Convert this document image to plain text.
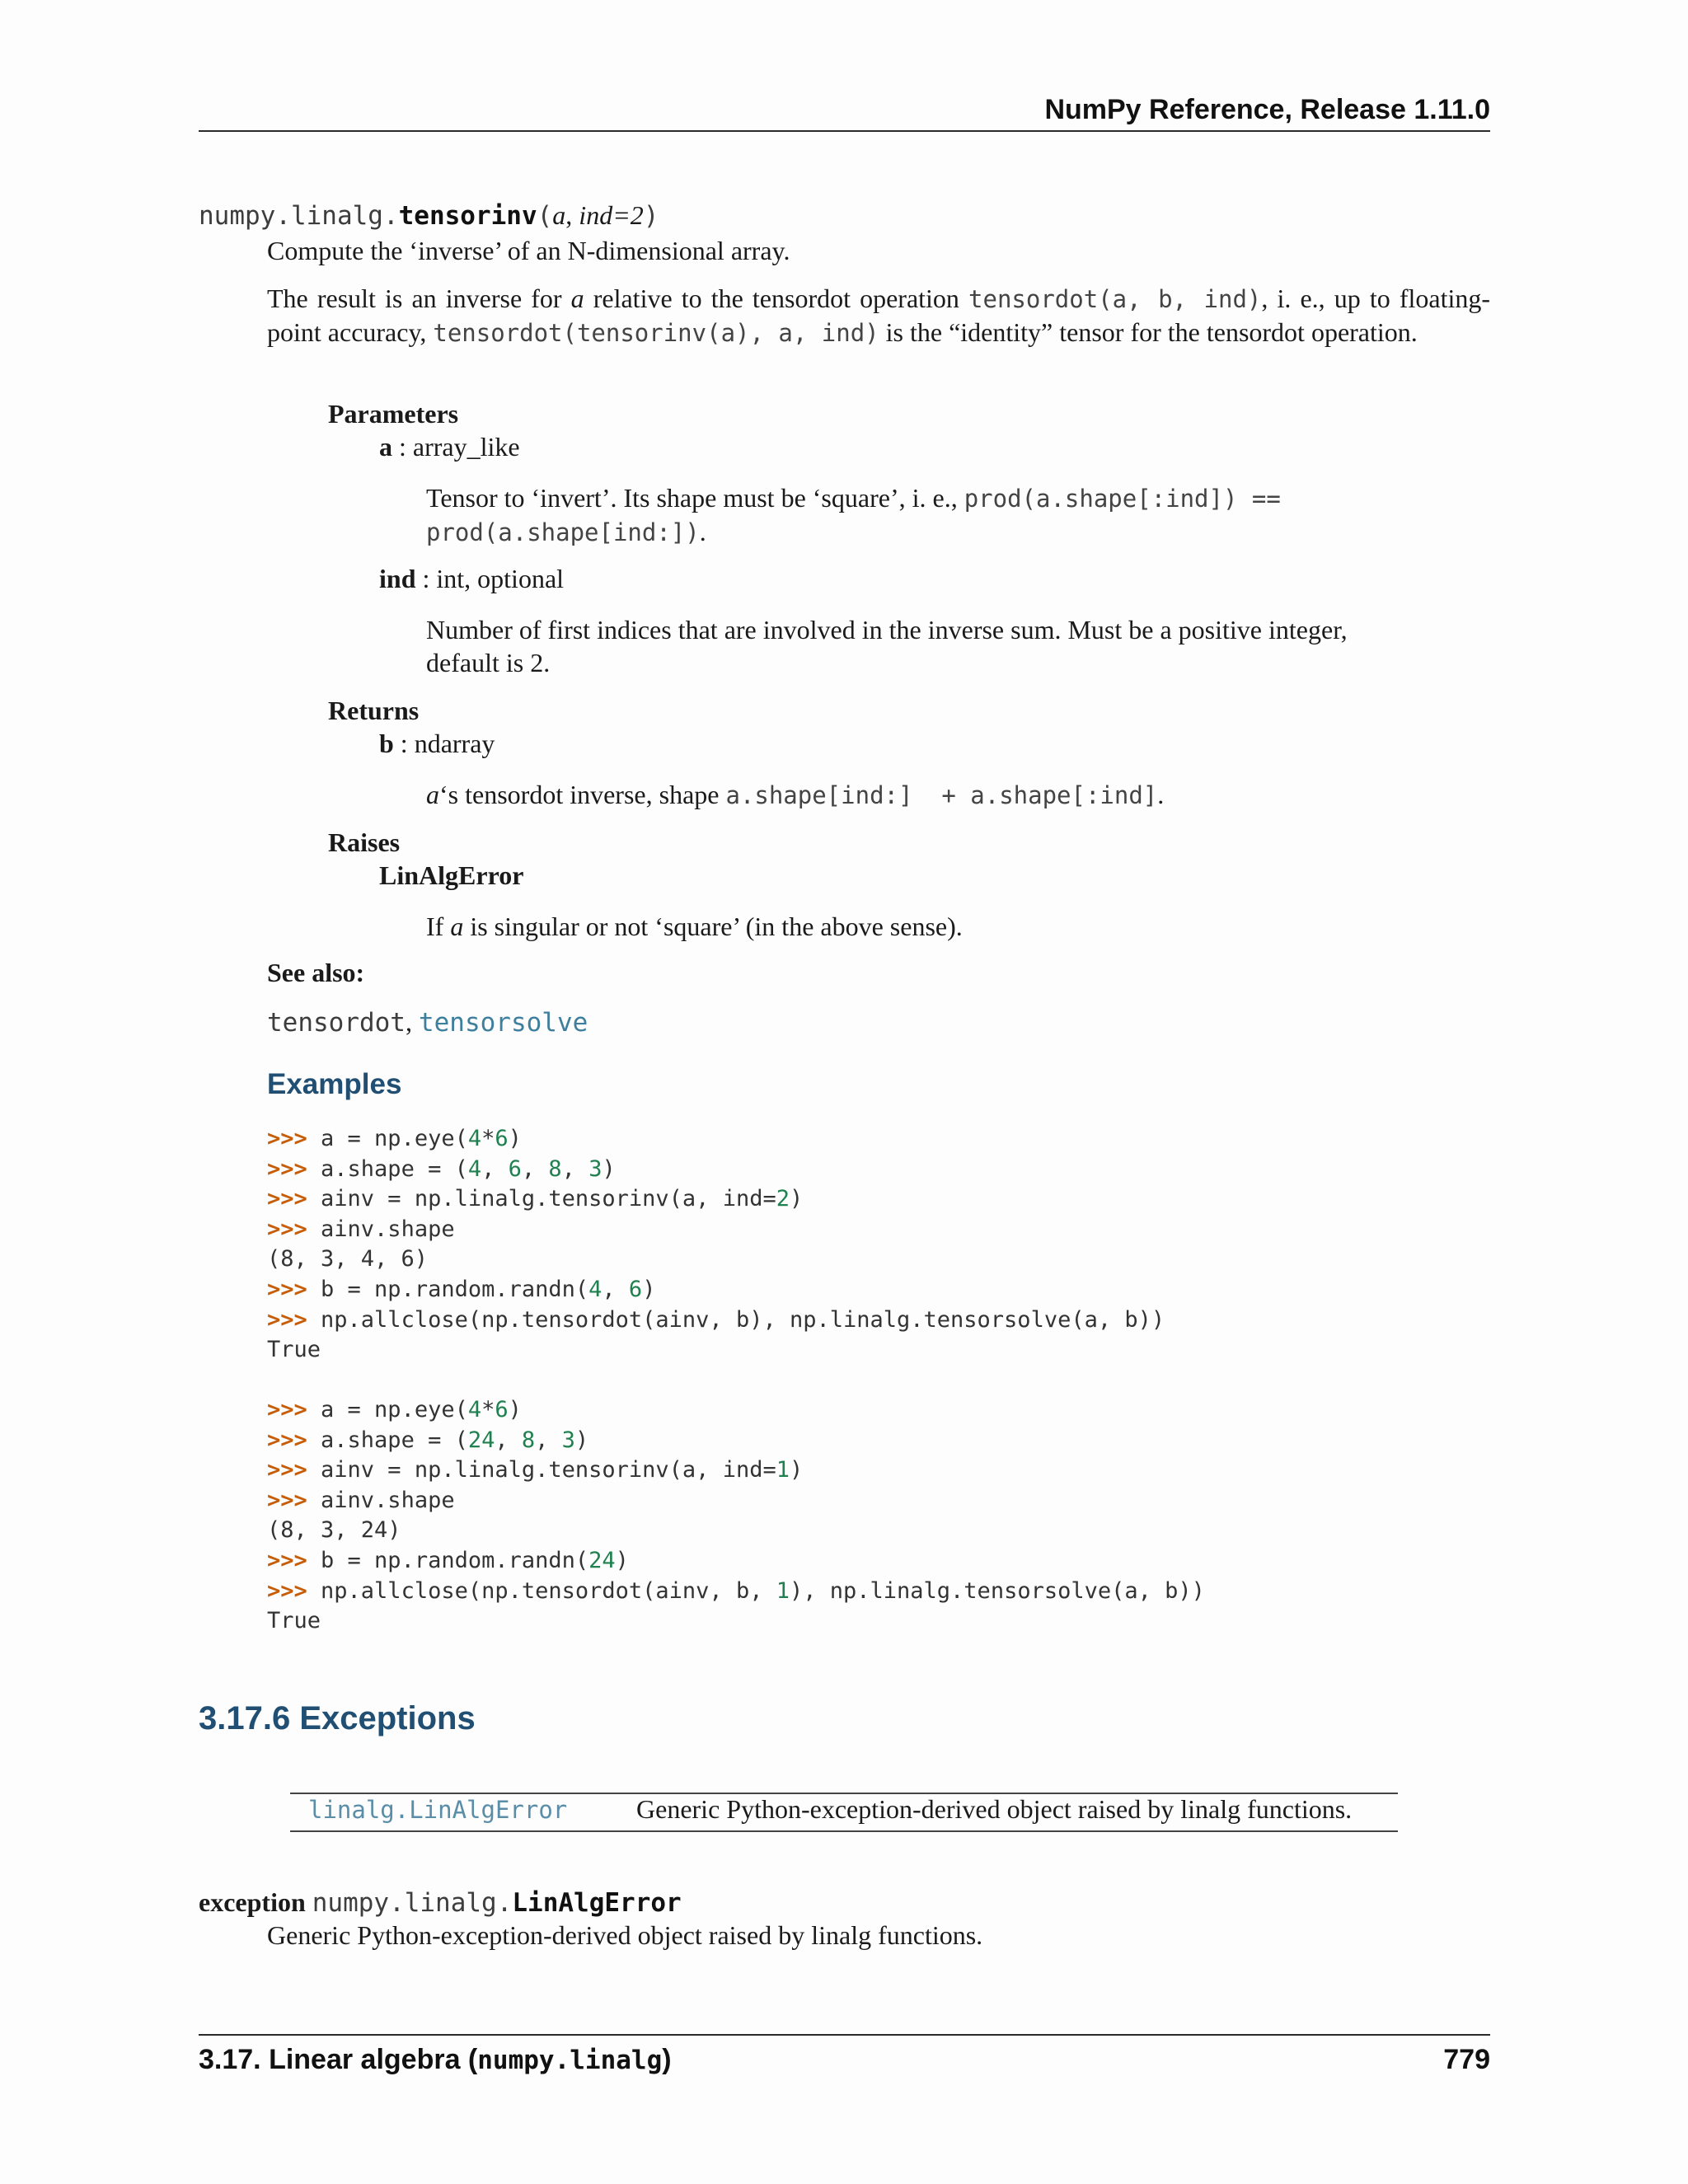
NumPy Reference, Release 1.11.0
numpy.linalg.tensorinv(a, ind=2)
Compute the ‘inverse’ of an N-dimensional array.
The result is an inverse for a relative to the tensordot operation tensordot(a, b, ind), i. e., up to floating-point accuracy, tensordot(tensorinv(a), a, ind) is the “identity” tensor for the tensordot operation.
Parameters
a : array_like
Tensor to ‘invert’. Its shape must be ‘square’, i. e., prod(a.shape[:ind]) == prod(a.shape[ind:]).
ind : int, optional
Number of first indices that are involved in the inverse sum. Must be a positive integer, default is 2.
Returns
b : ndarray
a‘s tensordot inverse, shape a.shape[ind:]  + a.shape[:ind].
Raises
LinAlgError
If a is singular or not ‘square’ (in the above sense).
See also:
tensordot, tensorsolve
Examples
>>> a = np.eye(4*6)
>>> a.shape = (4, 6, 8, 3)
>>> ainv = np.linalg.tensorinv(a, ind=2)
>>> ainv.shape
(8, 3, 4, 6)
>>> b = np.random.randn(4, 6)
>>> np.allclose(np.tensordot(ainv, b), np.linalg.tensorsolve(a, b))
True
>>> a = np.eye(4*6)
>>> a.shape = (24, 8, 3)
>>> ainv = np.linalg.tensorinv(a, ind=1)
>>> ainv.shape
(8, 3, 24)
>>> b = np.random.randn(24)
>>> np.allclose(np.tensordot(ainv, b, 1), np.linalg.tensorsolve(a, b))
True
3.17.6 Exceptions
linalg.LinAlgError	Generic Python-exception-derived object raised by linalg functions.
exception numpy.linalg.LinAlgError
Generic Python-exception-derived object raised by linalg functions.
3.17. Linear algebra (numpy.linalg)	779
